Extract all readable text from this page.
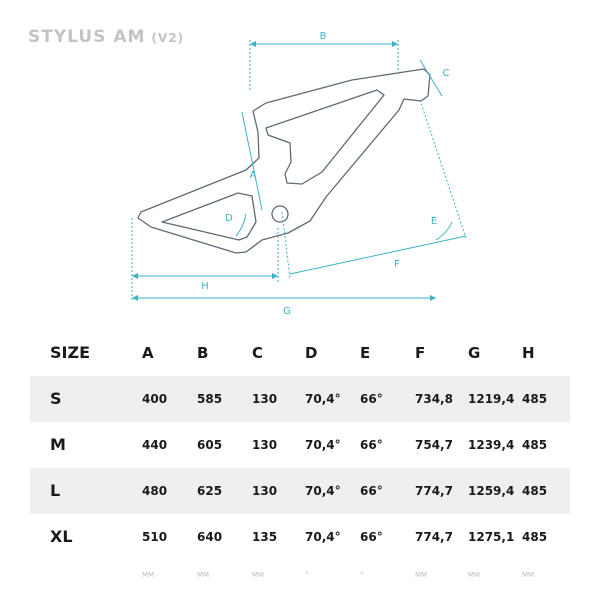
STYLUS AM (V2)	B
C
A
D	E
F
H
G
SIZE	A	B	C	D	E	F	G	H
S	400 585 130 70,4° 66°	734,8 1219,4 485
M	440 605 130 70,4° 66°	754,7 1239,4 485
L	480 625 130 70,4° 66°	774,7 1259,4 485
XL	510 640 135 70,4° 66°	774,7 1275,1 485
MM	MM	MM	°	°	MM	MM	MM
